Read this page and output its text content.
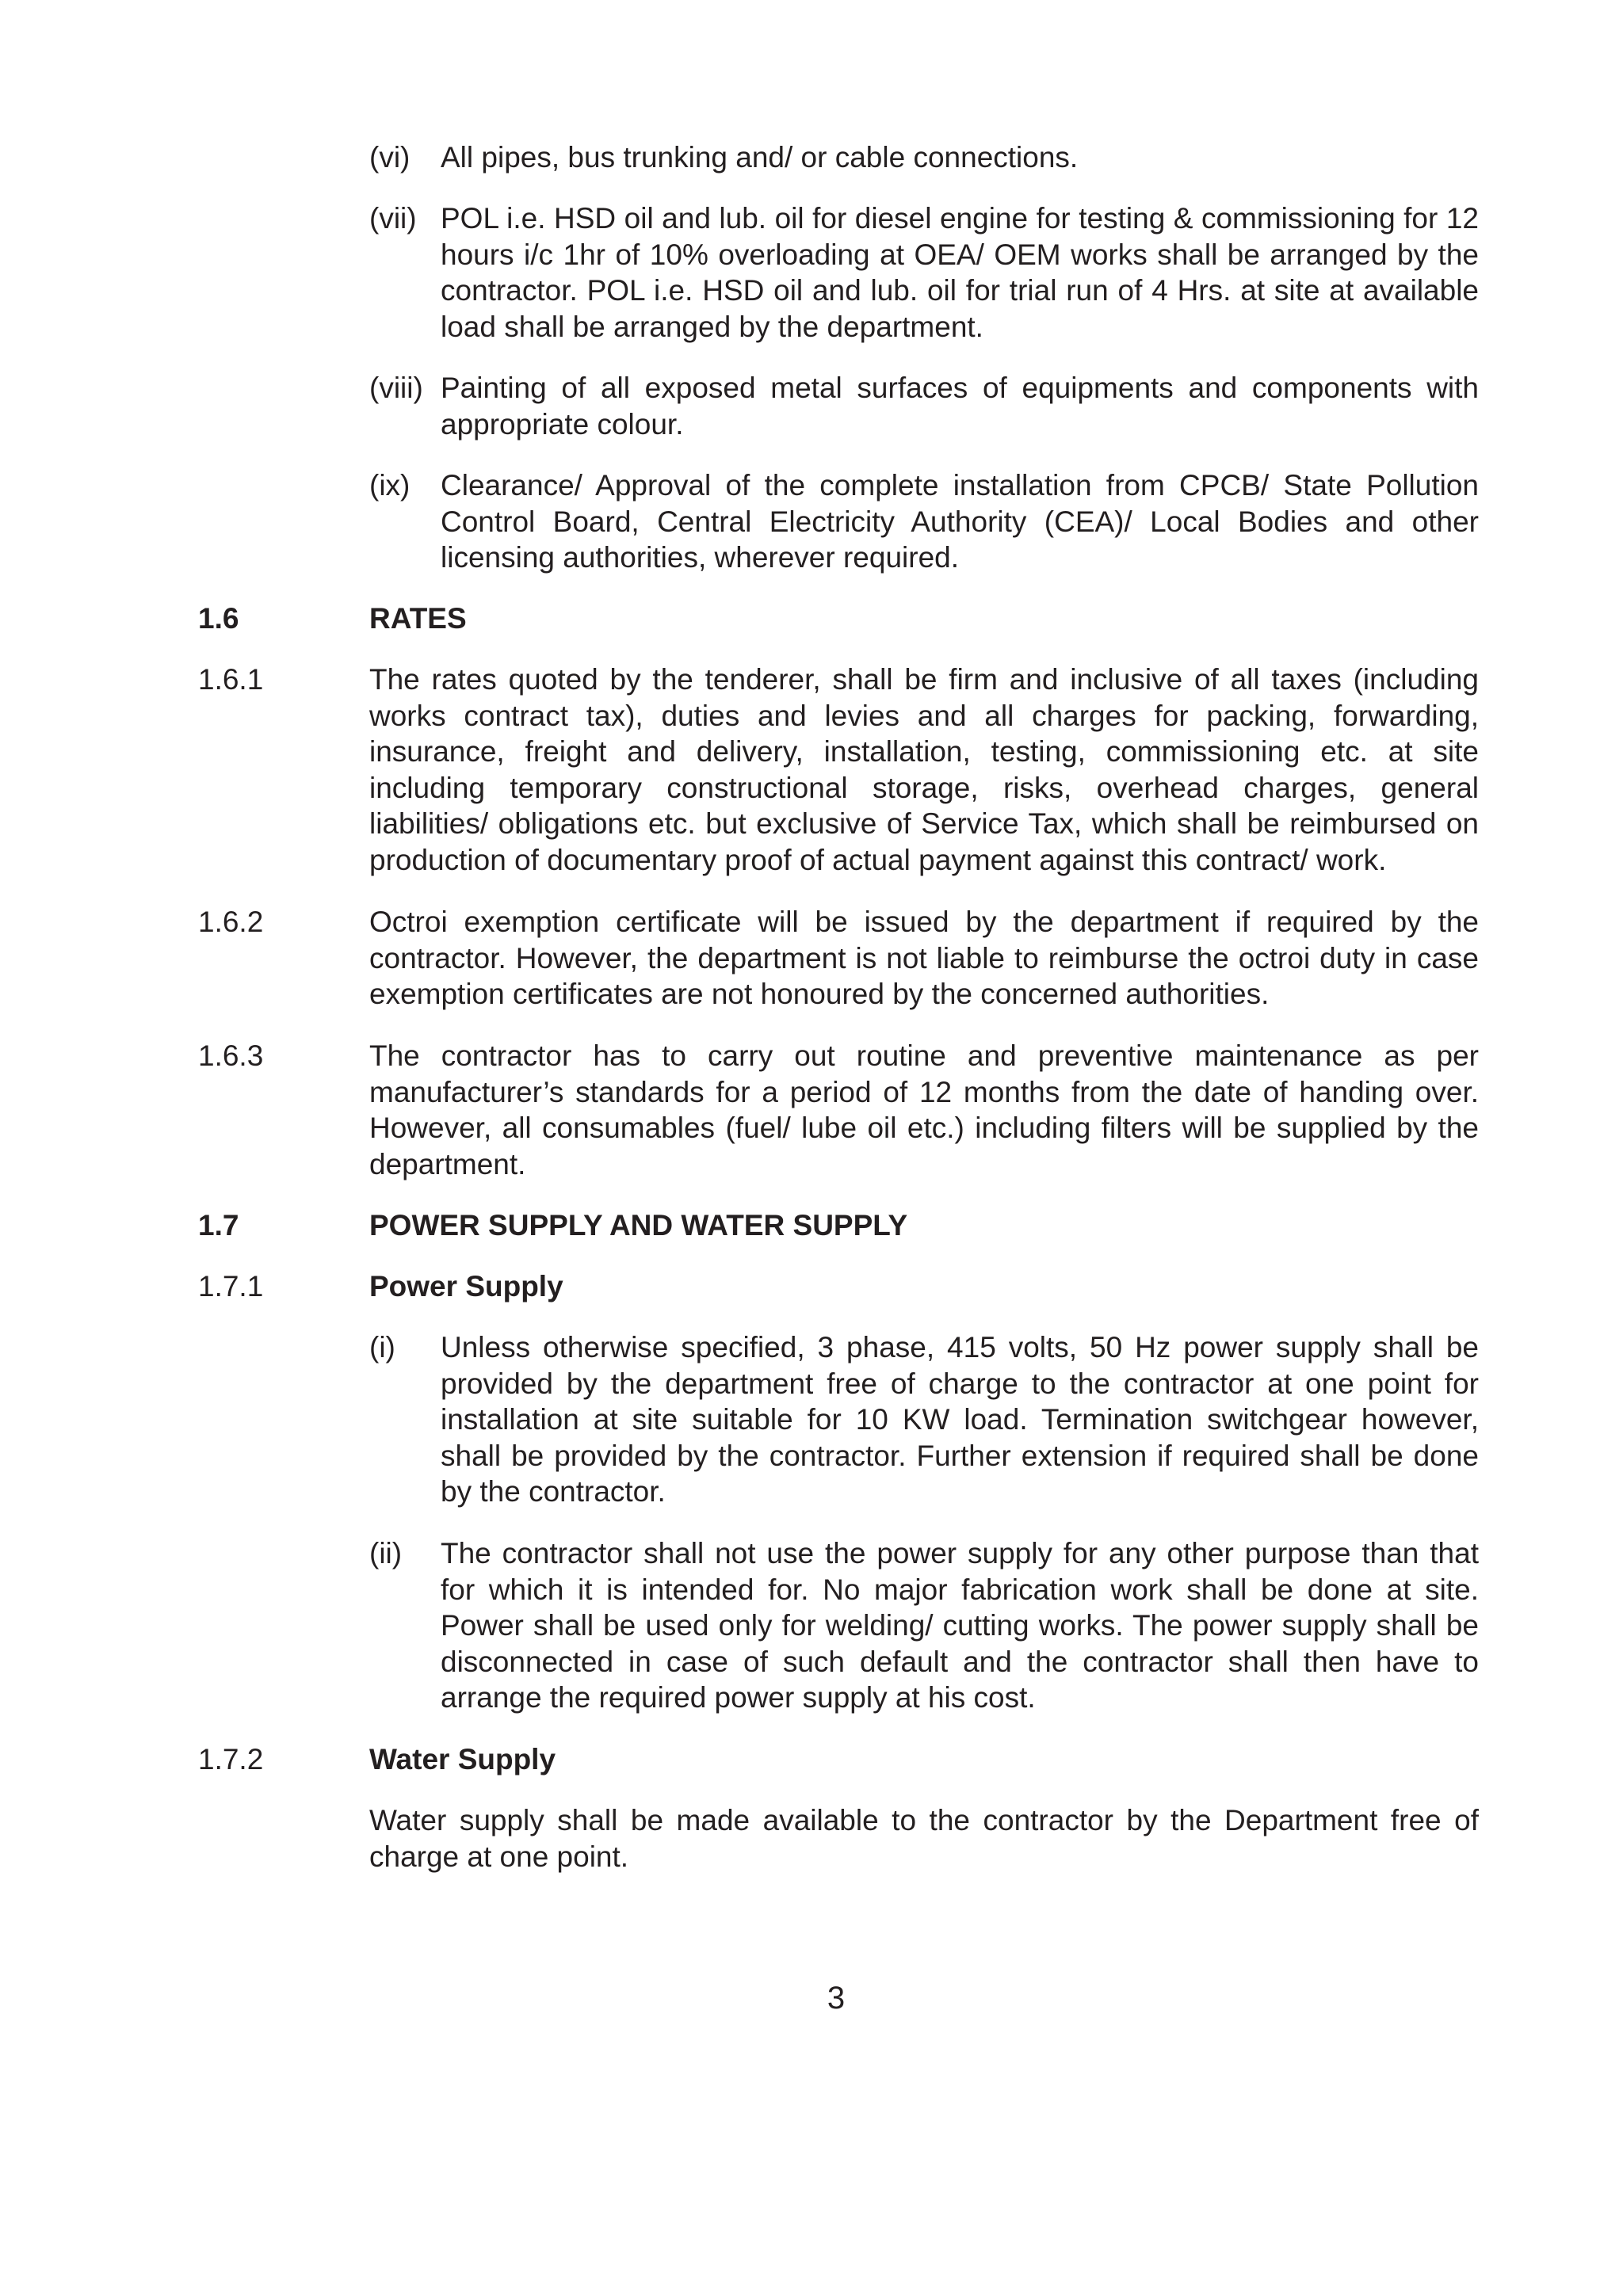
(vi)	All pipes, bus trunking and/ or cable connections.
(vii) POL i.e. HSD oil and lub. oil for diesel engine for testing & commissioning for 12 hours i/c 1hr of 10% overloading at OEA/ OEM works shall be arranged by the contractor. POL i.e. HSD oil and lub. oil for trial run of 4 Hrs. at site at available load shall be arranged by the department.
(viii) Painting of all exposed metal surfaces of equipments and components with appropriate colour.
(ix)	Clearance/ Approval of the complete installation from CPCB/ State Pollution Control Board, Central Electricity Authority (CEA)/ Local Bodies and other licensing authorities, wherever required.
1.6	RATES
1.6.1	The rates quoted by the tenderer, shall be firm and inclusive of all taxes (including works contract tax), duties and levies and all charges for packing, forwarding, insurance, freight and delivery, installation, testing, commissioning etc. at site including temporary constructional storage, risks, overhead charges, general liabilities/ obligations etc. but exclusive of Service Tax, which shall be reimbursed on production of documentary proof of actual payment against this contract/ work.
1.6.2	Octroi exemption certificate will be issued by the department if required by the contractor. However, the department is not liable to reimburse the octroi duty in case exemption certificates are not honoured by the concerned authorities.
1.6.3	The contractor has to carry out routine and preventive maintenance as per manufacturer’s standards for a period of 12 months from the date of handing over. However, all consumables (fuel/ lube oil etc.) including filters will be supplied by the department.
1.7	POWER SUPPLY AND WATER SUPPLY
1.7.1	Power Supply
(i)	Unless otherwise specified, 3 phase, 415 volts, 50 Hz power supply shall be provided by the department free of charge to the contractor at one point for installation at site suitable for 10 KW load. Termination switchgear however, shall be provided by the contractor. Further extension if required shall be done by the contractor.
(ii)	The contractor shall not use the power supply for any other purpose than that for which it is intended for. No major fabrication work shall be done at site. Power shall be used only for welding/ cutting works. The power supply shall be disconnected in case of such default and the contractor shall then have to arrange the required power supply at his cost.
1.7.2	Water Supply
Water supply shall be made available to the contractor by the Department free of charge at one point.
3
